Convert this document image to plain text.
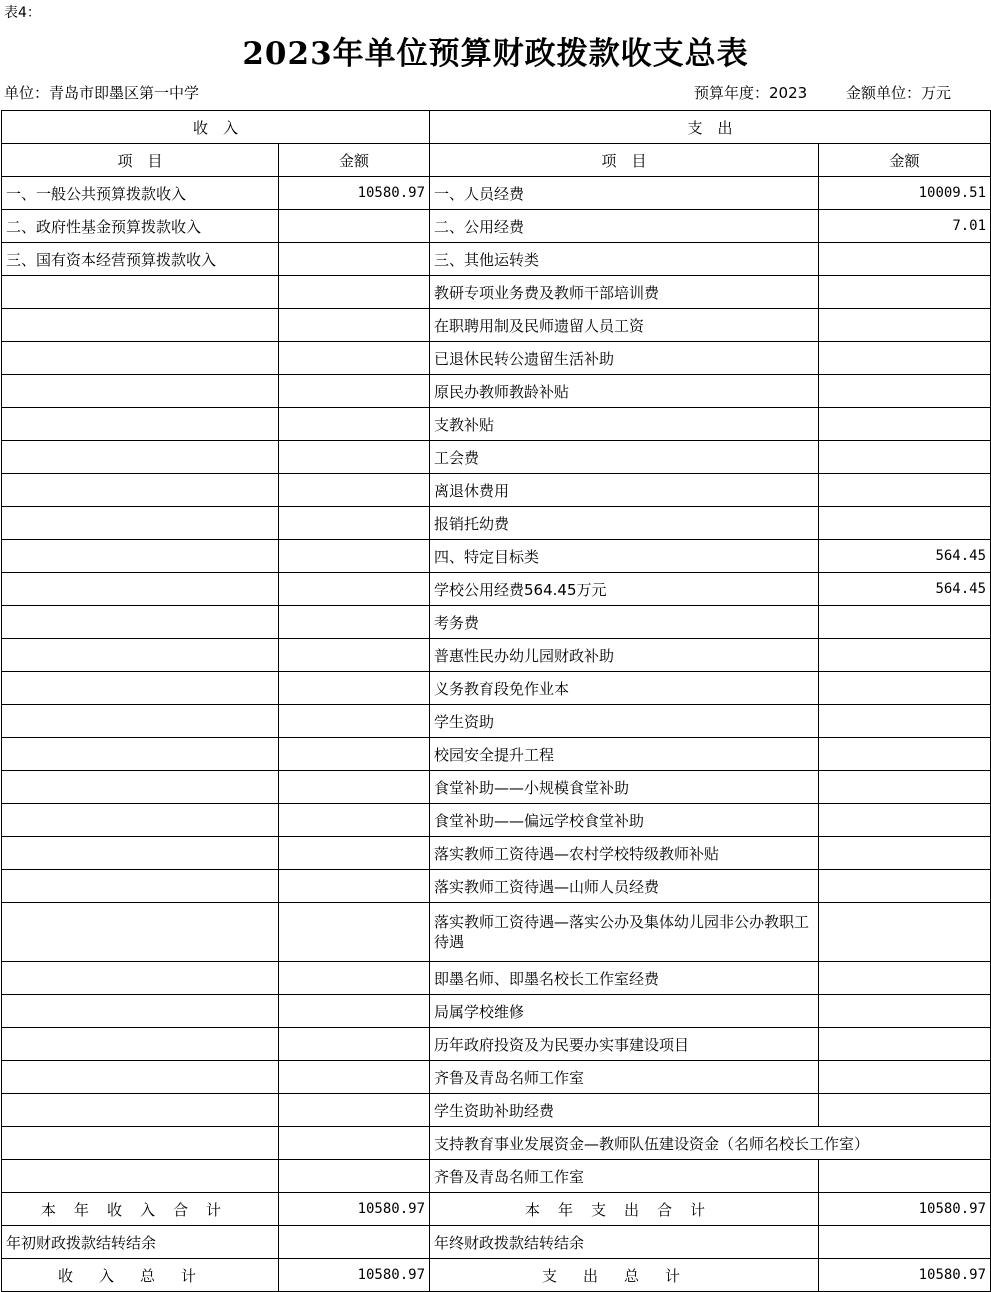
表4：
2023年单位预算财政拨款收支总表
单位：青岛市即墨区第一中学	预算年度：2023	金额单位：万元
收　入		支　出	
项　目	金额	项　目	金额
一、一般公共预算拨款收入	10580.97	一、人员经费	10009.51
二、政府性基金预算拨款收入		二、公用经费	7.01
三、国有资本经营预算拨款收入		三、其他运转类	
		教研专项业务费及教师干部培训费	
		在职聘用制及民师遗留人员工资	
		已退休民转公遗留生活补助	
		原民办教师教龄补贴	
		支教补贴	
		工会费	
		离退休费用	
		报销托幼费	
		四、特定目标类	564.45
		学校公用经费564.45万元	564.45
		考务费	
		普惠性民办幼儿园财政补助	
		义务教育段免作业本	
		学生资助	
		校园安全提升工程	
		食堂补助——小规模食堂补助	
		食堂补助——偏远学校食堂补助	
		落实教师工资待遇—农村学校特级教师补贴	
		落实教师工资待遇—山师人员经费	
		落实教师工资待遇—落实公办及集体幼儿园非公办教职工待遇	
		即墨名师、即墨名校长工作室经费	
		局属学校维修	
		历年政府投资及为民要办实事建设项目	
		齐鲁及青岛名师工作室	
		学生资助补助经费	
		支持教育事业发展资金—教师队伍建设资金（名师名校长工作室）	
		齐鲁及青岛名师工作室	
本年收入合计	10580.97	本年支出合计	10580.97
年初财政拨款结转结余		年终财政拨款结转结余	
收入总计	10580.97	支出总计	10580.97
